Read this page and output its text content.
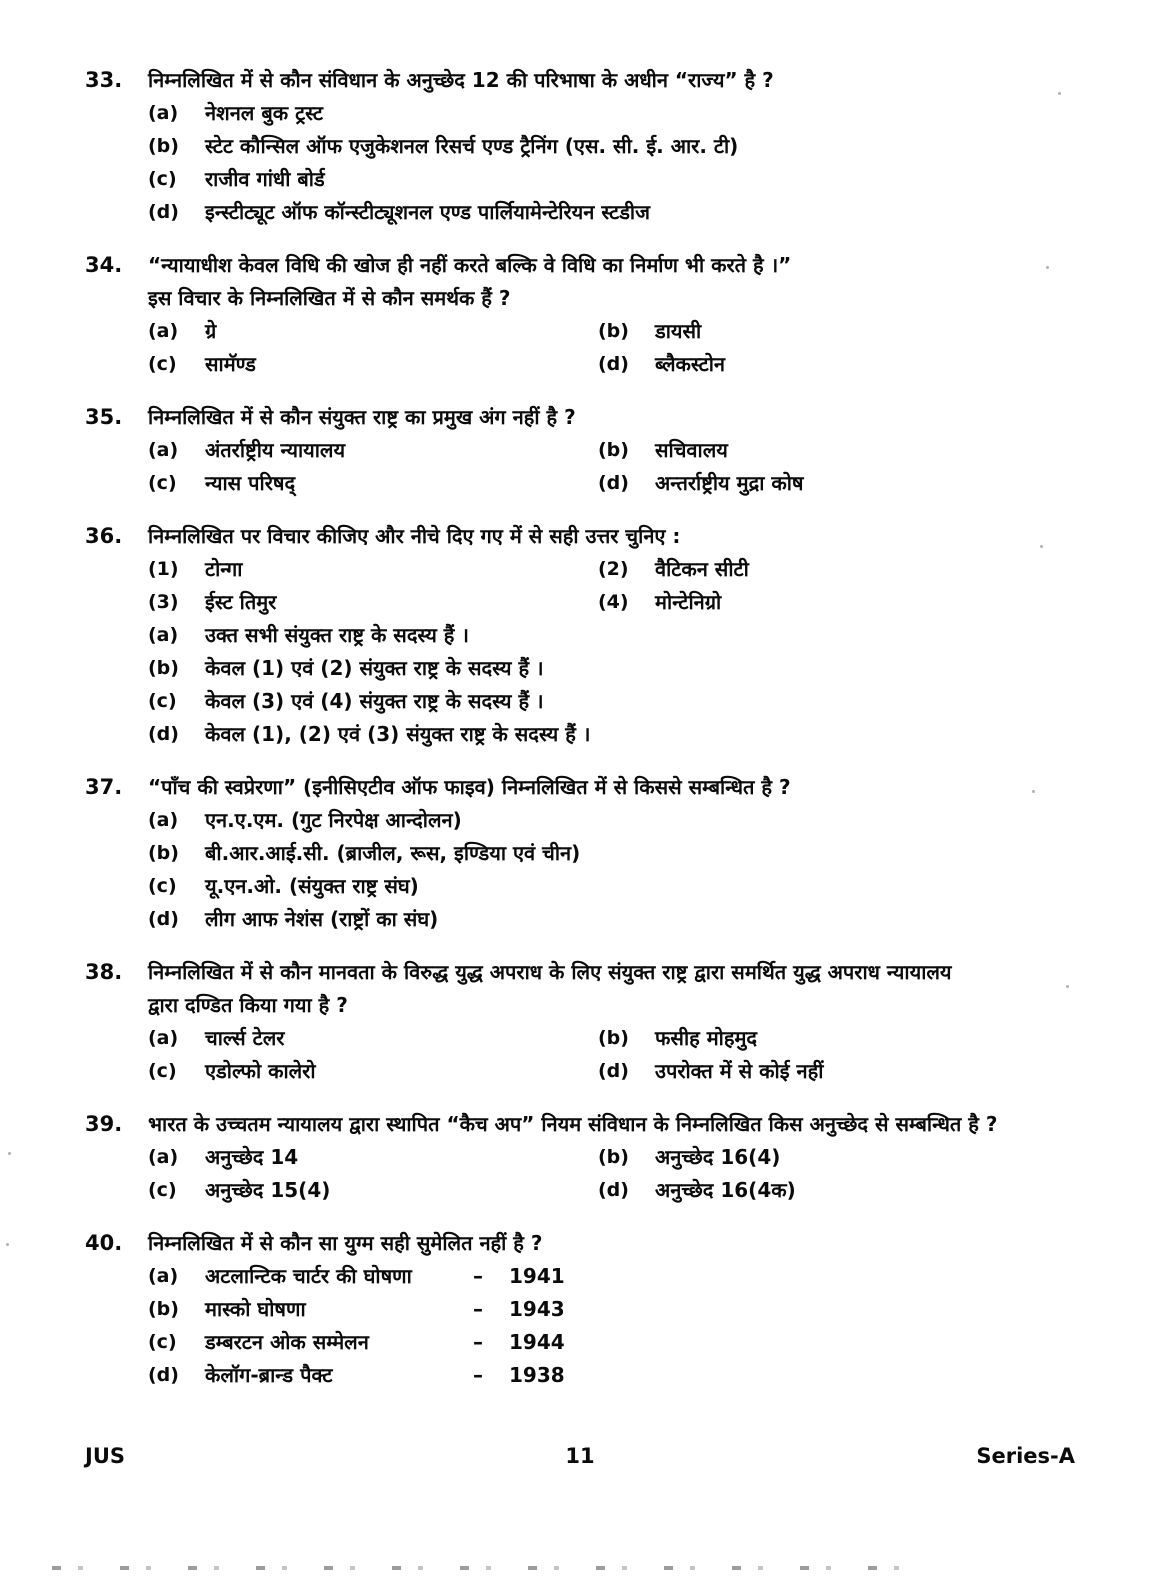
33.	निम्नलिखित में से कौन संविधान के अनुच्छेद 12 की परिभाषा के अधीन “राज्य” है ?
(a)	नेशनल बुक ट्रस्ट
(b)	स्टेट कौन्सिल ऑफ एजुकेशनल रिसर्च एण्ड ट्रैनिंग (एस. सी. ई. आर. टी)
(c)	राजीव गांधी बोर्ड
(d)	इन्स्टीट्यूट ऑफ कॉन्स्टीट्यूशनल एण्ड पार्लियामेन्टेरियन स्टडीज
34.	“न्यायाधीश केवल विधि की खोज ही नहीं करते बल्कि वे विधि का निर्माण भी करते है ।”
इस विचार के निम्नलिखित में से कौन समर्थक हैं ?
(a)	ग्रे	(b)	डायसी
(c)	सामॅण्ड	(d)	ब्लैकस्टोन
35.	निम्नलिखित में से कौन संयुक्त राष्ट्र का प्रमुख अंग नहीं है ?
(a)	अंतर्राष्ट्रीय न्यायालय	(b)	सचिवालय
(c)	न्यास परिषद्	(d)	अन्तर्राष्ट्रीय मुद्रा कोष
36.	निम्नलिखित पर विचार कीजिए और नीचे दिए गए में से सही उत्तर चुनिए :
(1)	टोन्गा	(2)	वैटिकन सीटी
(3)	ईस्ट तिमुर	(4)	मोन्टेनिग्रो
(a)	उक्त सभी संयुक्त राष्ट्र के सदस्य हैं ।
(b)	केवल (1) एवं (2) संयुक्त राष्ट्र के सदस्य हैं ।
(c)	केवल (3) एवं (4) संयुक्त राष्ट्र के सदस्य हैं ।
(d)	केवल (1), (2) एवं (3) संयुक्त राष्ट्र के सदस्य हैं ।
37.	“पाँच की स्वप्रेरणा” (इनीसिएटीव ऑफ फाइव) निम्नलिखित में से किससे सम्बन्धित है ?
(a)	एन.ए.एम. (गुट निरपेक्ष आन्दोलन)
(b)	बी.आर.आई.सी. (ब्राजील, रूस, इण्डिया एवं चीन)
(c)	यू.एन.ओ. (संयुक्त राष्ट्र संघ)
(d)	लीग आफ नेशंस (राष्ट्रों का संघ)
38.	निम्नलिखित में से कौन मानवता के विरुद्ध युद्ध अपराध के लिए संयुक्त राष्ट्र द्वारा समर्थित युद्ध अपराध न्यायालय
द्वारा दण्डित किया गया है ?
(a)	चार्ल्स टेलर	(b)	फसीह मोहमुद
(c)	एडोल्फो कालेरो	(d)	उपरोक्त में से कोई नहीं
39.	भारत के उच्चतम न्यायालय द्वारा स्थापित “कैच अप” नियम संविधान के निम्नलिखित किस अनुच्छेद से सम्बन्धित है ?
(a)	अनुच्छेद 14	(b)	अनुच्छेद 16(4)
(c)	अनुच्छेद 15(4)	(d)	अनुच्छेद 16(4क)
40.	निम्नलिखित में से कौन सा युग्म सही सुमेलित नहीं है ?
(a)	अटलान्टिक चार्टर की घोषणा	–	1941
(b)	मास्को घोषणा	–	1943
(c)	डम्बरटन ओक सम्मेलन	–	1944
(d)	केलॉग-ब्रान्ड पैक्ट	–	1938
JUS	11	Series-A
